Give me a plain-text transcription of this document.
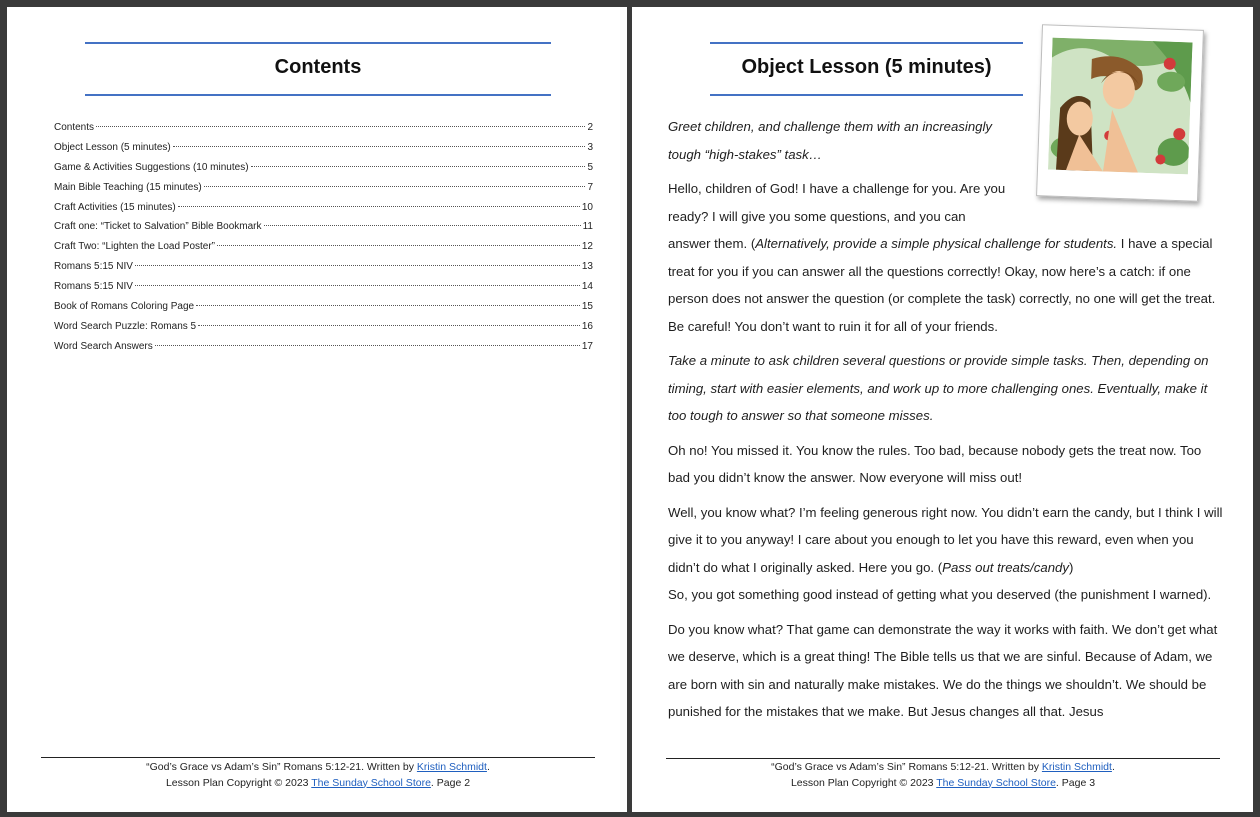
Contents
Contents	2
Object Lesson (5 minutes)	3
Game & Activities Suggestions (10 minutes)	5
Main Bible Teaching (15 minutes)	7
Craft Activities (15 minutes)	10
Craft one: “Ticket to Salvation” Bible Bookmark	11
Craft Two: “Lighten the Load Poster”	12
Romans 5:15 NIV	13
Romans 5:15 NIV	14
Book of Romans Coloring Page	15
Word Search Puzzle: Romans 5	16
Word Search Answers	17
“God’s Grace vs Adam’s Sin” Romans 5:12-21. Written by Kristin Schmidt.
Lesson Plan Copyright © 2023 The Sunday School Store. Page 2
Object Lesson (5 minutes)

Greet children, and challenge them with an increasingly
tough “high-stakes” task…

Hello, children of God! I have a challenge for you. Are you
ready? I will give you some questions, and you can
answer them. (Alternatively, provide a simple physical challenge for students. I have a special treat for you if you can answer all the questions correctly! Okay, now here’s a catch: if one person does not answer the question (or complete the task) correctly, no one will get the treat. Be careful! You don’t want to ruin it for all of your friends.

Take a minute to ask children several questions or provide simple tasks. Then, depending on timing, start with easier elements, and work up to more challenging ones. Eventually, make it too tough to answer so that someone misses.

Oh no! You missed it. You know the rules. Too bad, because nobody gets the treat now. Too bad you didn’t know the answer. Now everyone will miss out!

Well, you know what? I’m feeling generous right now. You didn’t earn the candy, but I think I will give it to you anyway! I care about you enough to let you have this reward, even when you didn’t do what I originally asked. Here you go. (Pass out treats/candy)
So, you got something good instead of getting what you deserved (the punishment I warned).

Do you know what? That game can demonstrate the way it works with faith. We don’t get what we deserve, which is a great thing! The Bible tells us that we are sinful. Because of Adam, we are born with sin and naturally make mistakes. We do the things we shouldn’t. We should be punished for the mistakes that we make. But Jesus changes all that. Jesus

“God’s Grace vs Adam’s Sin” Romans 5:12-21. Written by Kristin Schmidt.
Lesson Plan Copyright © 2023 The Sunday School Store. Page 3
